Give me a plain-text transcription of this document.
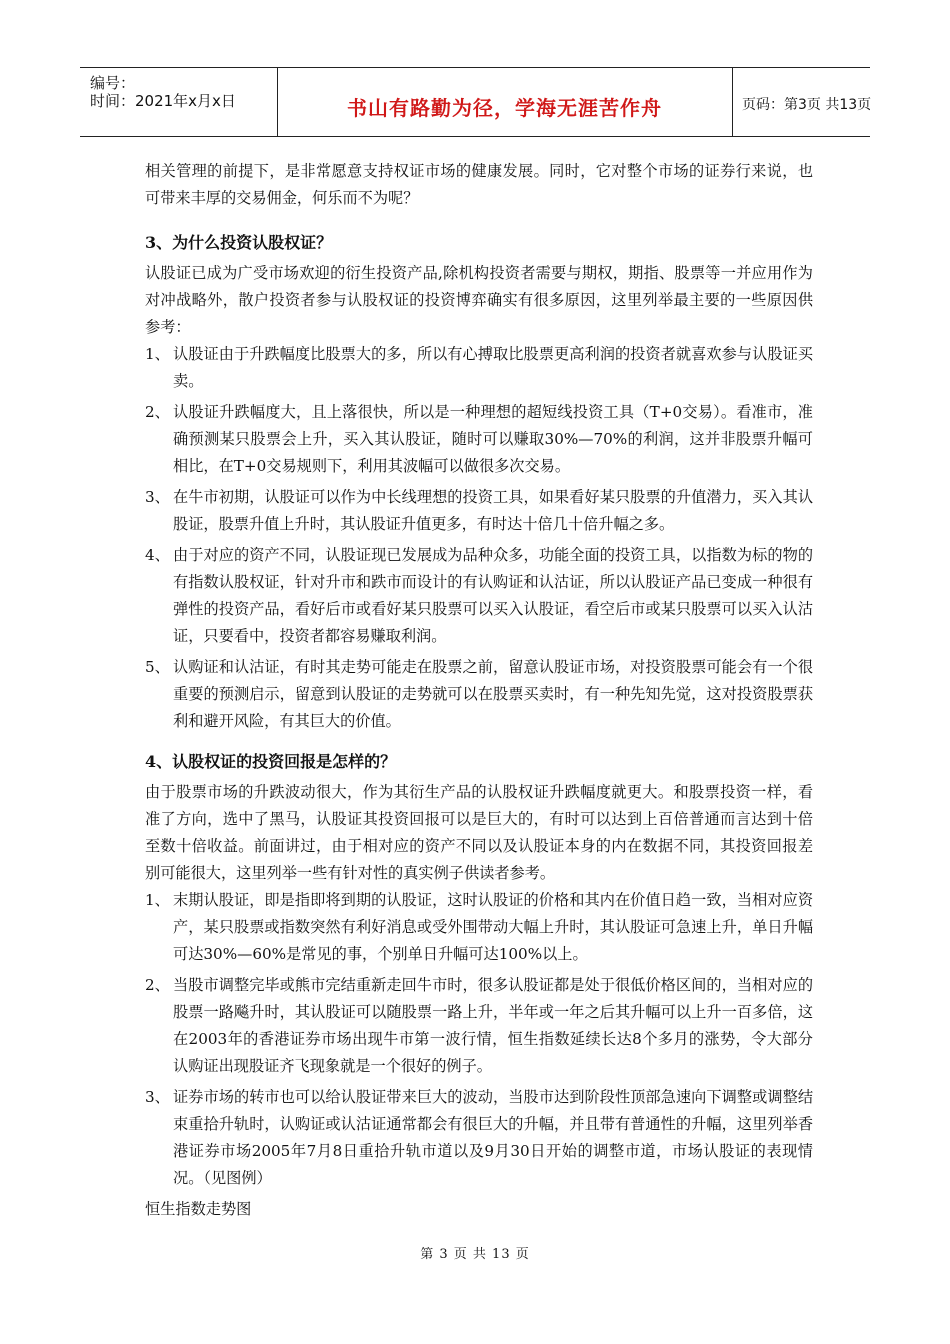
编号：
时间：2021年x月x日	书山有路勤为径，学海无涯苦作舟	页码：第3页 共13页

相关管理的前提下，是非常愿意支持权证市场的健康发展。同时，它对整个市场的证券行来说，也可带来丰厚的交易佣金，何乐而不为呢？

3、为什么投资认股权证？

认股证已成为广受市场欢迎的衍生投资产品,除机构投资者需要与期权，期指、股票等一并应用作为对冲战略外，散户投资者参与认股权证的投资博弈确实有很多原因，这里列举最主要的一些原因供参考：

1、 认股证由于升跌幅度比股票大的多，所以有心搏取比股票更高利润的投资者就喜欢参与认股证买卖。
2、 认股证升跌幅度大，且上落很快，所以是一种理想的超短线投资工具（T+0交易）。看准市，准确预测某只股票会上升，买入其认股证，随时可以赚取30%—70%的利润，这并非股票升幅可相比，在T+0交易规则下，利用其波幅可以做很多次交易。
3、 在牛市初期，认股证可以作为中长线理想的投资工具，如果看好某只股票的升值潜力，买入其认股证，股票升值上升时，其认股证升值更多，有时达十倍几十倍升幅之多。
4、 由于对应的资产不同，认股证现已发展成为品种众多，功能全面的投资工具，以指数为标的物的有指数认股权证，针对升市和跌市而设计的有认购证和认沽证，所以认股证产品已变成一种很有弹性的投资产品，看好后市或看好某只股票可以买入认股证，看空后市或某只股票可以买入认沽证，只要看中，投资者都容易赚取利润。
5、 认购证和认沽证，有时其走势可能走在股票之前，留意认股证市场，对投资股票可能会有一个很重要的预测启示，留意到认股证的走势就可以在股票买卖时，有一种先知先觉，这对投资股票获利和避开风险，有其巨大的价值。
4、认股权证的投资回报是怎样的？

由于股票市场的升跌波动很大，作为其衍生产品的认股权证升跌幅度就更大。和股票投资一样，看准了方向，选中了黑马，认股证其投资回报可以是巨大的，有时可以达到上百倍普通而言达到十倍至数十倍收益。前面讲过，由于相对应的资产不同以及认股证本身的内在数据不同，其投资回报差别可能很大，这里列举一些有针对性的真实例子供读者参考。

1、 末期认股证，即是指即将到期的认股证，这时认股证的价格和其内在价值日趋一致，当相对应资产，某只股票或指数突然有利好消息或受外围带动大幅上升时，其认股证可急速上升，单日升幅可达30%—60%是常见的事，个别单日升幅可达100%以上。
2、 当股市调整完毕或熊市完结重新走回牛市时，很多认股证都是处于很低价格区间的，当相对应的股票一路飚升时，其认股证可以随股票一路上升，半年或一年之后其升幅可以上升一百多倍，这在2003年的香港证券市场出现牛市第一波行情，恒生指数延续长达8个多月的涨势，令大部分认购证出现股证齐飞现象就是一个很好的例子。
3、 证券市场的转市也可以给认股证带来巨大的波动，当股市达到阶段性顶部急速向下调整或调整结束重拾升轨时，认购证或认沽证通常都会有很巨大的升幅，并且带有普通性的升幅，这里列举香港证券市场2005年7月8日重拾升轨市道以及9月30日开始的调整市道，市场认股证的表现情况。（见图例）

恒生指数走势图

第 3 页 共 13 页
